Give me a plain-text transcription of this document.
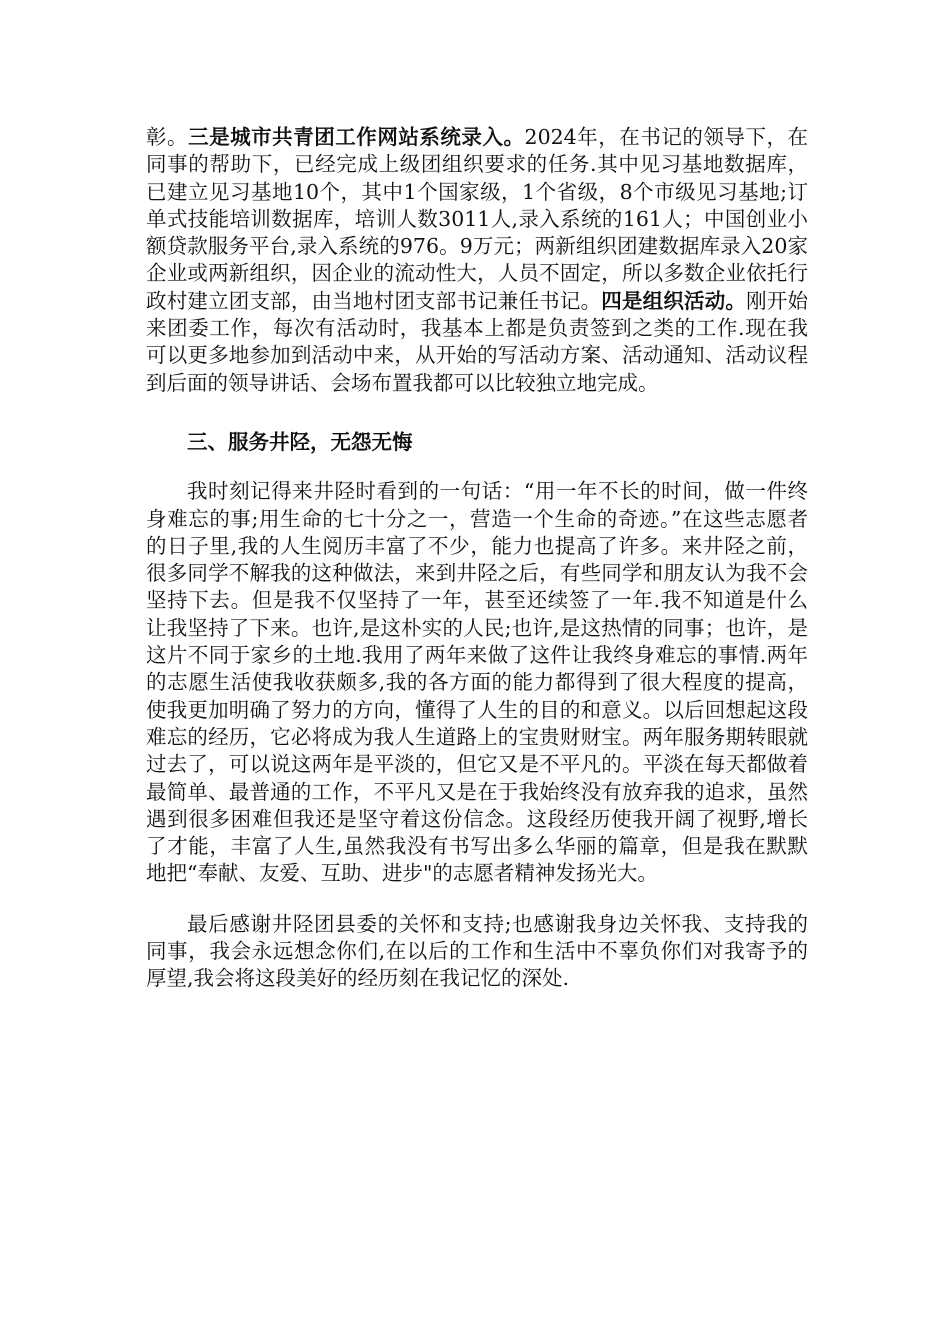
彰。三是城市共青团工作网站系统录入。2024年，在书记的领导下，在同事的帮助下，已经完成上级团组织要求的任务.其中见习基地数据库，已建立见习基地10个，其中1个国家级，1个省级，8个市级见习基地;订单式技能培训数据库，培训人数3011人,录入系统的161人；中国创业小额贷款服务平台,录入系统的976。9万元；两新组织团建数据库录入20家企业或两新组织，因企业的流动性大，人员不固定，所以多数企业依托行政村建立团支部，由当地村团支部书记兼任书记。四是组织活动。刚开始来团委工作，每次有活动时，我基本上都是负责签到之类的工作.现在我可以更多地参加到活动中来，从开始的写活动方案、活动通知、活动议程到后面的领导讲话、会场布置我都可以比较独立地完成。

三、服务井陉，无怨无悔

我时刻记得来井陉时看到的一句话：“用一年不长的时间，做一件终身难忘的事;用生命的七十分之一，营造一个生命的奇迹。”在这些志愿者的日子里,我的人生阅历丰富了不少，能力也提高了许多。来井陉之前，很多同学不解我的这种做法，来到井陉之后，有些同学和朋友认为我不会坚持下去。但是我不仅坚持了一年，甚至还续签了一年.我不知道是什么让我坚持了下来。也许,是这朴实的人民;也许,是这热情的同事；也许，是这片不同于家乡的土地.我用了两年来做了这件让我终身难忘的事情.两年的志愿生活使我收获颇多,我的各方面的能力都得到了很大程度的提高，使我更加明确了努力的方向，懂得了人生的目的和意义。以后回想起这段难忘的经历，它必将成为我人生道路上的宝贵财财宝。两年服务期转眼就过去了，可以说这两年是平淡的，但它又是不平凡的。平淡在每天都做着最简单、最普通的工作，不平凡又是在于我始终没有放弃我的追求，虽然遇到很多困难但我还是坚守着这份信念。这段经历使我开阔了视野,增长了才能，丰富了人生,虽然我没有书写出多么华丽的篇章，但是我在默默地把“奉献、友爱、互助、进步"的志愿者精神发扬光大。

最后感谢井陉团县委的关怀和支持;也感谢我身边关怀我、支持我的同事，我会永远想念你们,在以后的工作和生活中不辜负你们对我寄予的厚望,我会将这段美好的经历刻在我记忆的深处.
